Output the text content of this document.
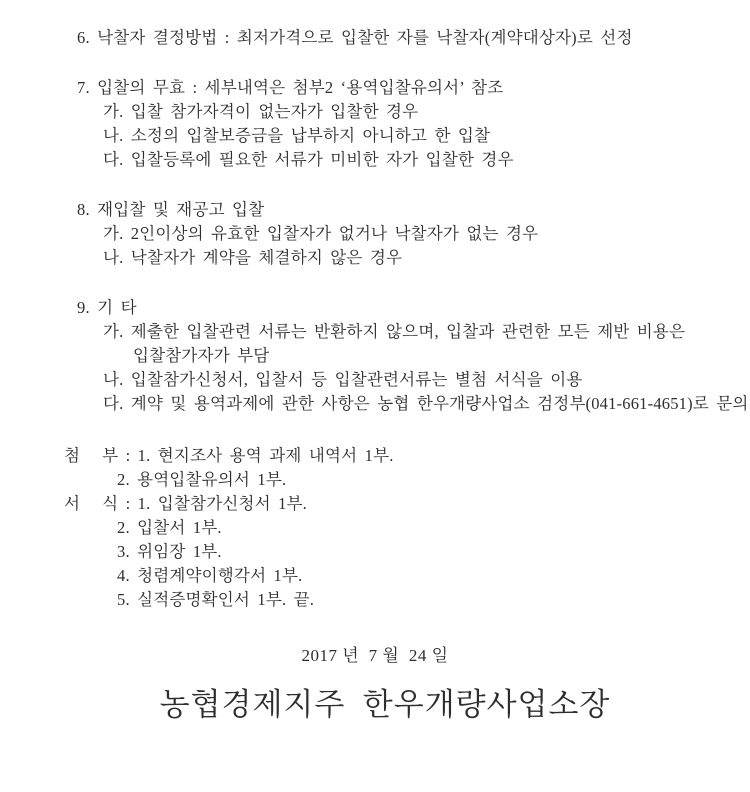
6. 낙찰자 결정방법 : 최저가격으로 입찰한 자를 낙찰자(계약대상자)로 선정
7. 입찰의 무효 : 세부내역은 첨부2 ‘용역입찰유의서’ 참조
가. 입찰 참가자격이 없는자가 입찰한 경우
나. 소정의 입찰보증금을 납부하지 아니하고 한 입찰
다. 입찰등록에 필요한 서류가 미비한 자가 입찰한 경우
8. 재입찰 및 재공고 입찰
가. 2인이상의 유효한 입찰자가 없거나 낙찰자가 없는 경우
나. 낙찰자가 계약을 체결하지 않은 경우
9. 기 타
가. 제출한 입찰관련 서류는 반환하지 않으며, 입찰과 관련한 모든 제반 비용은
입찰참가자가 부담
나. 입찰참가신청서, 입찰서 등 입찰관련서류는 별첨 서식을 이용
다. 계약 및 용역과제에 관한 사항은 농협 한우개량사업소 검정부(041-661-4651)로 문의
첨   부 : 1. 현지조사 용역 과제 내역서 1부.
2. 용역입찰유의서 1부.
서   식 : 1. 입찰참가신청서 1부.
2. 입찰서 1부.
3. 위임장 1부.
4. 청렴계약이행각서 1부.
5. 실적증명확인서 1부. 끝.
2017 년  7 월  24 일
농협경제지주  한우개량사업소장
